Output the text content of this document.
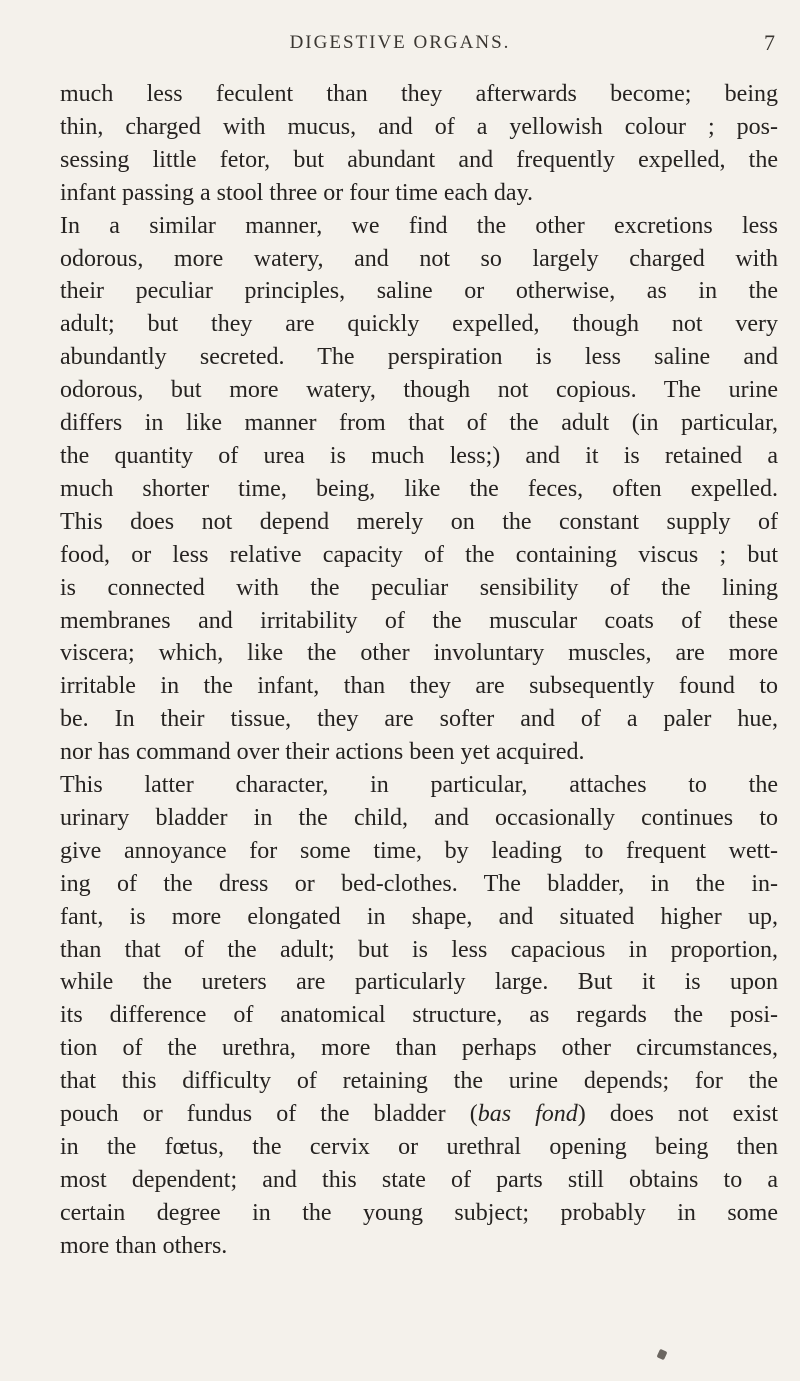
DIGESTIVE ORGANS.	7

much less feculent than they afterwards become; being
thin, charged with mucus, and of a yellowish colour ; pos-
sessing little fetor, but abundant and frequently expelled, the
infant passing a stool three or four time each day.

In a similar manner, we find the other excretions less
odorous, more watery, and not so largely charged with
their peculiar principles, saline or otherwise, as in the
adult; but they are quickly expelled, though not very
abundantly secreted. The perspiration is less saline and
odorous, but more watery, though not copious. The urine
differs in like manner from that of the adult (in particular,
the quantity of urea is much less;) and it is retained a
much shorter time, being, like the feces, often expelled.

This does not depend merely on the constant supply of
food, or less relative capacity of the containing viscus ; but
is connected with the peculiar sensibility of the lining
membranes and irritability of the muscular coats of these
viscera; which, like the other involuntary muscles, are more
irritable in the infant, than they are subsequently found to
be. In their tissue, they are softer and of a paler hue,
nor has command over their actions been yet acquired.

This latter character, in particular, attaches to the
urinary bladder in the child, and occasionally continues to
give annoyance for some time, by leading to frequent wett-
ing of the dress or bed-clothes. The bladder, in the in-
fant, is more elongated in shape, and situated higher up,
than that of the adult; but is less capacious in proportion,
while the ureters are particularly large. But it is upon
its difference of anatomical structure, as regards the posi-
tion of the urethra, more than perhaps other circumstances,
that this difficulty of retaining the urine depends; for the
pouch or fundus of the bladder (bas fond) does not exist
in the fœtus, the cervix or urethral opening being then
most dependent; and this state of parts still obtains to a
certain degree in the young subject; probably in some
more than others.
